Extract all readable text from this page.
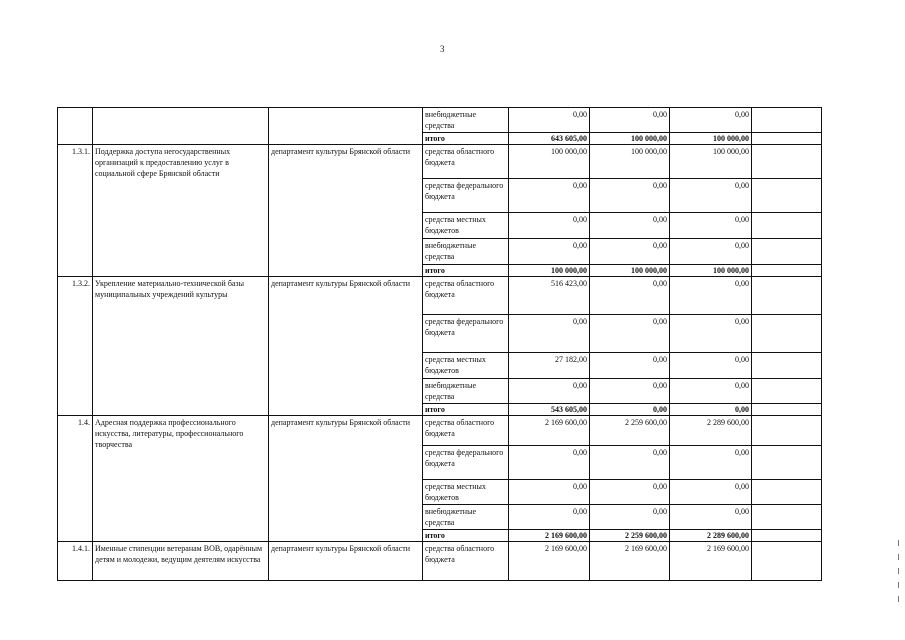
3
			внебюджетные средства	0,00	0,00	0,00	
			итого	643 605,00	100 000,00	100 000,00	
1.3.1.	Поддержка доступа негосударственных организаций к предоставлению услуг в социальной сфере Брянской области	департамент культуры Брянской области	средства областного бюджета	100 000,00	100 000,00	100 000,00	
			средства федерального бюджета	0,00	0,00	0,00	
			средства местных бюджетов	0,00	0,00	0,00	
			внебюджетные средства	0,00	0,00	0,00	
			итого	100 000,00	100 000,00	100 000,00	
1.3.2.	Укрепление материально-технической базы муниципальных учреждений культуры	департамент культуры Брянской области	средства областного бюджета	516 423,00	0,00	0,00	
			средства федерального бюджета	0,00	0,00	0,00	
			средства местных бюджетов	27 182,00	0,00	0,00	
			внебюджетные средства	0,00	0,00	0,00	
			итого	543 605,00	0,00	0,00	
1.4.	Адресная поддержка профессионального искусства, литературы, профессионального творчества	департамент культуры Брянской области	средства областного бюджета	2 169 600,00	2 259 600,00	2 289 600,00	
			средства федерального бюджета	0,00	0,00	0,00	
			средства местных бюджетов	0,00	0,00	0,00	
			внебюджетные средства	0,00	0,00	0,00	
			итого	2 169 600,00	2 259 600,00	2 289 600,00	
1.4.1.	Именные стипендии ветеранам ВОВ, одарённым детям и молодежи, ведущим деятелям искусства	департамент культуры Брянской области	средства областного бюджета	2 169 600,00	2 169 600,00	2 169 600,00	
